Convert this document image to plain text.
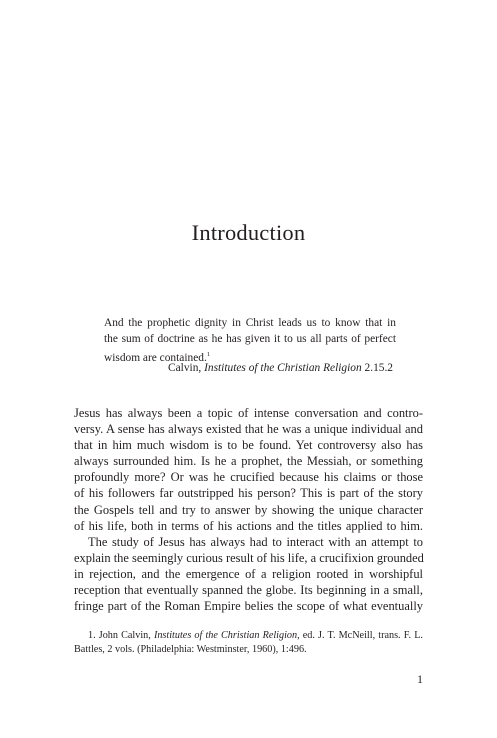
Introduction
And the prophetic dignity in Christ leads us to know that in
the sum of doctrine as he has given it to us all parts of perfect
wisdom are contained.$^1$
Calvin, Institutes of the Christian Religion 2.15.2
Jesus has always been a topic of intense conversation and contro-
versy. A sense has always existed that he was a unique individual and
that in him much wisdom is to be found. Yet controversy also has
always surrounded him. Is he a prophet, the Messiah, or something
profoundly more? Or was he crucified because his claims or those
of his followers far outstripped his person? This is part of the story
the Gospels tell and try to answer by showing the unique character
of his life, both in terms of his actions and the titles applied to him.
The study of Jesus has always had to interact with an attempt to
explain the seemingly curious result of his life, a crucifixion grounded
in rejection, and the emergence of a religion rooted in worshipful
reception that eventually spanned the globe. Its beginning in a small,
fringe part of the Roman Empire belies the scope of what eventually
1. John Calvin, Institutes of the Christian Religion, ed. J. T. McNeill, trans. F. L.
Battles, 2 vols. (Philadelphia: Westminster, 1960), 1:496.
1
